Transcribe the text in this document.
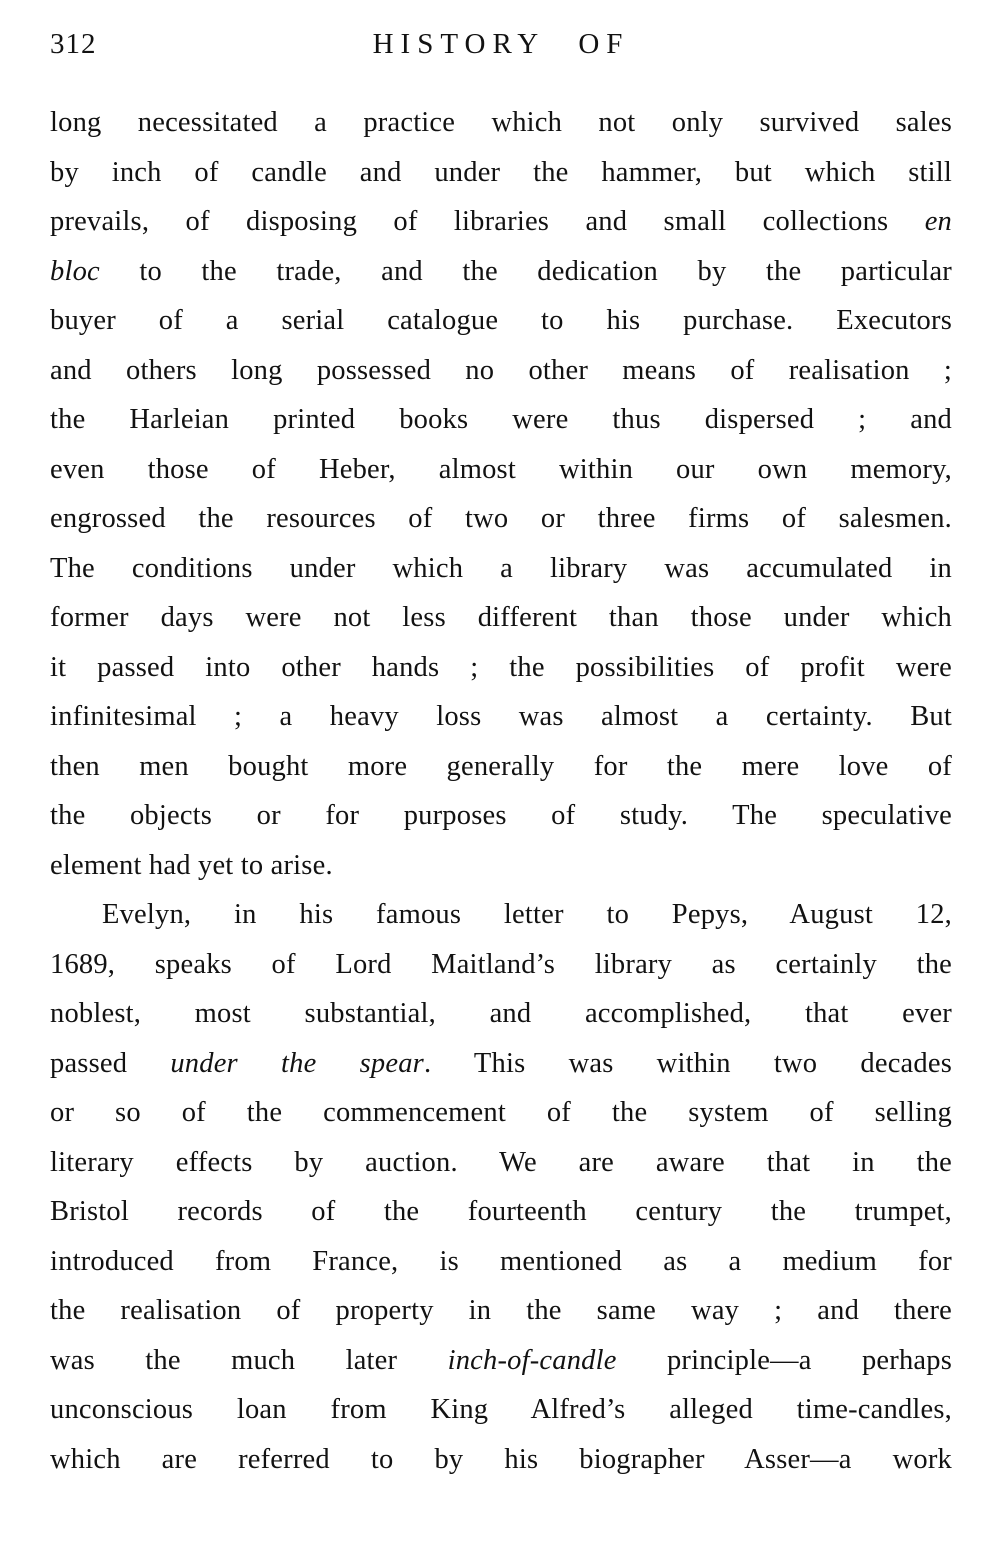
312	HISTORY OF
long necessitated a practice which not only survived sales
by inch of candle and under the hammer, but which still
prevails, of disposing of libraries and small collections en
bloc to the trade, and the dedication by the particular
buyer of a serial catalogue to his purchase. Executors
and others long possessed no other means of realisation ;
the Harleian printed books were thus dispersed ; and
even those of Heber, almost within our own memory,
engrossed the resources of two or three firms of salesmen.
The conditions under which a library was accumulated in
former days were not less different than those under which
it passed into other hands ; the possibilities of profit were
infinitesimal ; a heavy loss was almost a certainty. But
then men bought more generally for the mere love of
the objects or for purposes of study. The speculative
element had yet to arise.
Evelyn, in his famous letter to Pepys, August 12,
1689, speaks of Lord Maitland’s library as certainly the
noblest, most substantial, and accomplished, that ever
passed under the spear. This was within two decades
or so of the commencement of the system of selling
literary effects by auction. We are aware that in the
Bristol records of the fourteenth century the trumpet,
introduced from France, is mentioned as a medium for
the realisation of property in the same way ; and there
was the much later inch-of-candle principle—a perhaps
unconscious loan from King Alfred’s alleged time-candles,
which are referred to by his biographer Asser—a work
